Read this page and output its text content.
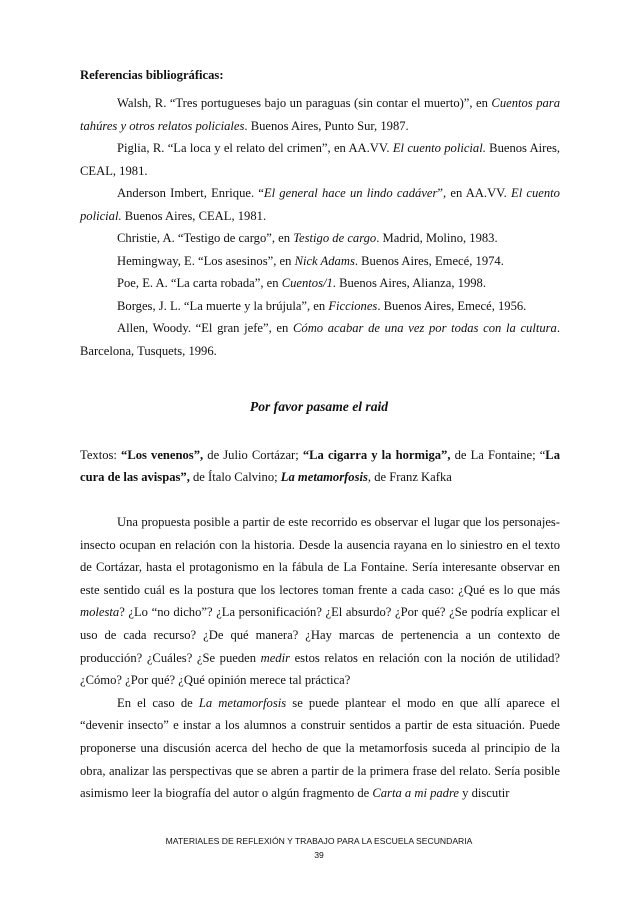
Referencias bibliográficas:

Walsh, R. “Tres portugueses bajo un paraguas (sin contar el muerto)”, en Cuentos para tahúres y otros relatos policiales. Buenos Aires, Punto Sur, 1987.

Piglia, R. “La loca y el relato del crimen”, en AA.VV. El cuento policial. Buenos Aires, CEAL, 1981.

Anderson Imbert, Enrique. “El general hace un lindo cadáver”, en AA.VV. El cuento policial. Buenos Aires, CEAL, 1981.

Christie, A. “Testigo de cargo”, en Testigo de cargo. Madrid, Molino, 1983.

Hemingway, E. “Los asesinos”, en Nick Adams. Buenos Aires, Emecé, 1974.

Poe, E. A. “La carta robada”, en Cuentos/1. Buenos Aires, Alianza, 1998.

Borges, J. L. “La muerte y la brújula”, en Ficciones. Buenos Aires, Emecé, 1956.

Allen, Woody. “El gran jefe”, en Cómo acabar de una vez por todas con la cultura. Barcelona, Tusquets, 1996.

Por favor pasame el raid

Textos: “Los venenos”, de Julio Cortázar; “La cigarra y la hormiga”, de La Fontaine; “La cura de las avispas”, de Ítalo Calvino; La metamorfosis, de Franz Kafka

Una propuesta posible a partir de este recorrido es observar el lugar que los personajes-insecto ocupan en relación con la historia. Desde la ausencia rayana en lo siniestro en el texto de Cortázar, hasta el protagonismo en la fábula de La Fontaine. Sería interesante observar en este sentido cuál es la postura que los lectores toman frente a cada caso: ¿Qué es lo que más molesta? ¿Lo “no dicho”? ¿La personificación? ¿El absurdo? ¿Por qué? ¿Se podría explicar el uso de cada recurso? ¿De qué manera? ¿Hay marcas de pertenencia a un contexto de producción? ¿Cuáles? ¿Se pueden medir estos relatos en relación con la noción de utilidad? ¿Cómo? ¿Por qué? ¿Qué opinión merece tal práctica?

En el caso de La metamorfosis se puede plantear el modo en que allí aparece el “devenir insecto” e instar a los alumnos a construir sentidos a partir de esta situación. Puede proponerse una discusión acerca del hecho de que la metamorfosis suceda al principio de la obra, analizar las perspectivas que se abren a partir de la primera frase del relato. Sería posible asimismo leer la biografía del autor o algún fragmento de Carta a mi padre y discutir

MATERIALES DE REFLEXIÓN Y TRABAJO PARA LA ESCUELA SECUNDARIA
39
